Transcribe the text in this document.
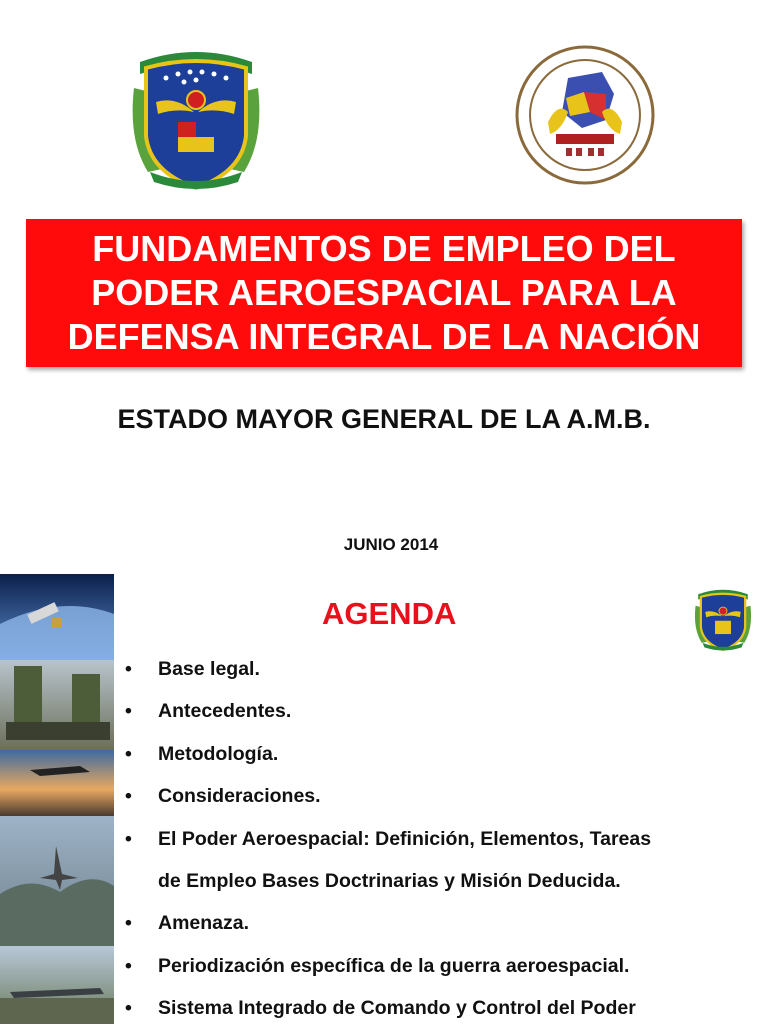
FUNDAMENTOS DE EMPLEO DEL
PODER AEROESPACIAL PARA LA
DEFENSA INTEGRAL DE LA NACIÓN
ESTADO MAYOR GENERAL DE LA A.M.B.
JUNIO 2014
AGENDA
• Base legal.
• Antecedentes.
• Metodología.
• Consideraciones.
• El Poder Aeroespacial: Definición, Elementos, Tareas
de Empleo Bases Doctrinarias y Misión Deducida.
• Amenaza.
• Periodización específica de la guerra aeroespacial.
• Sistema Integrado de Comando y Control del Poder
